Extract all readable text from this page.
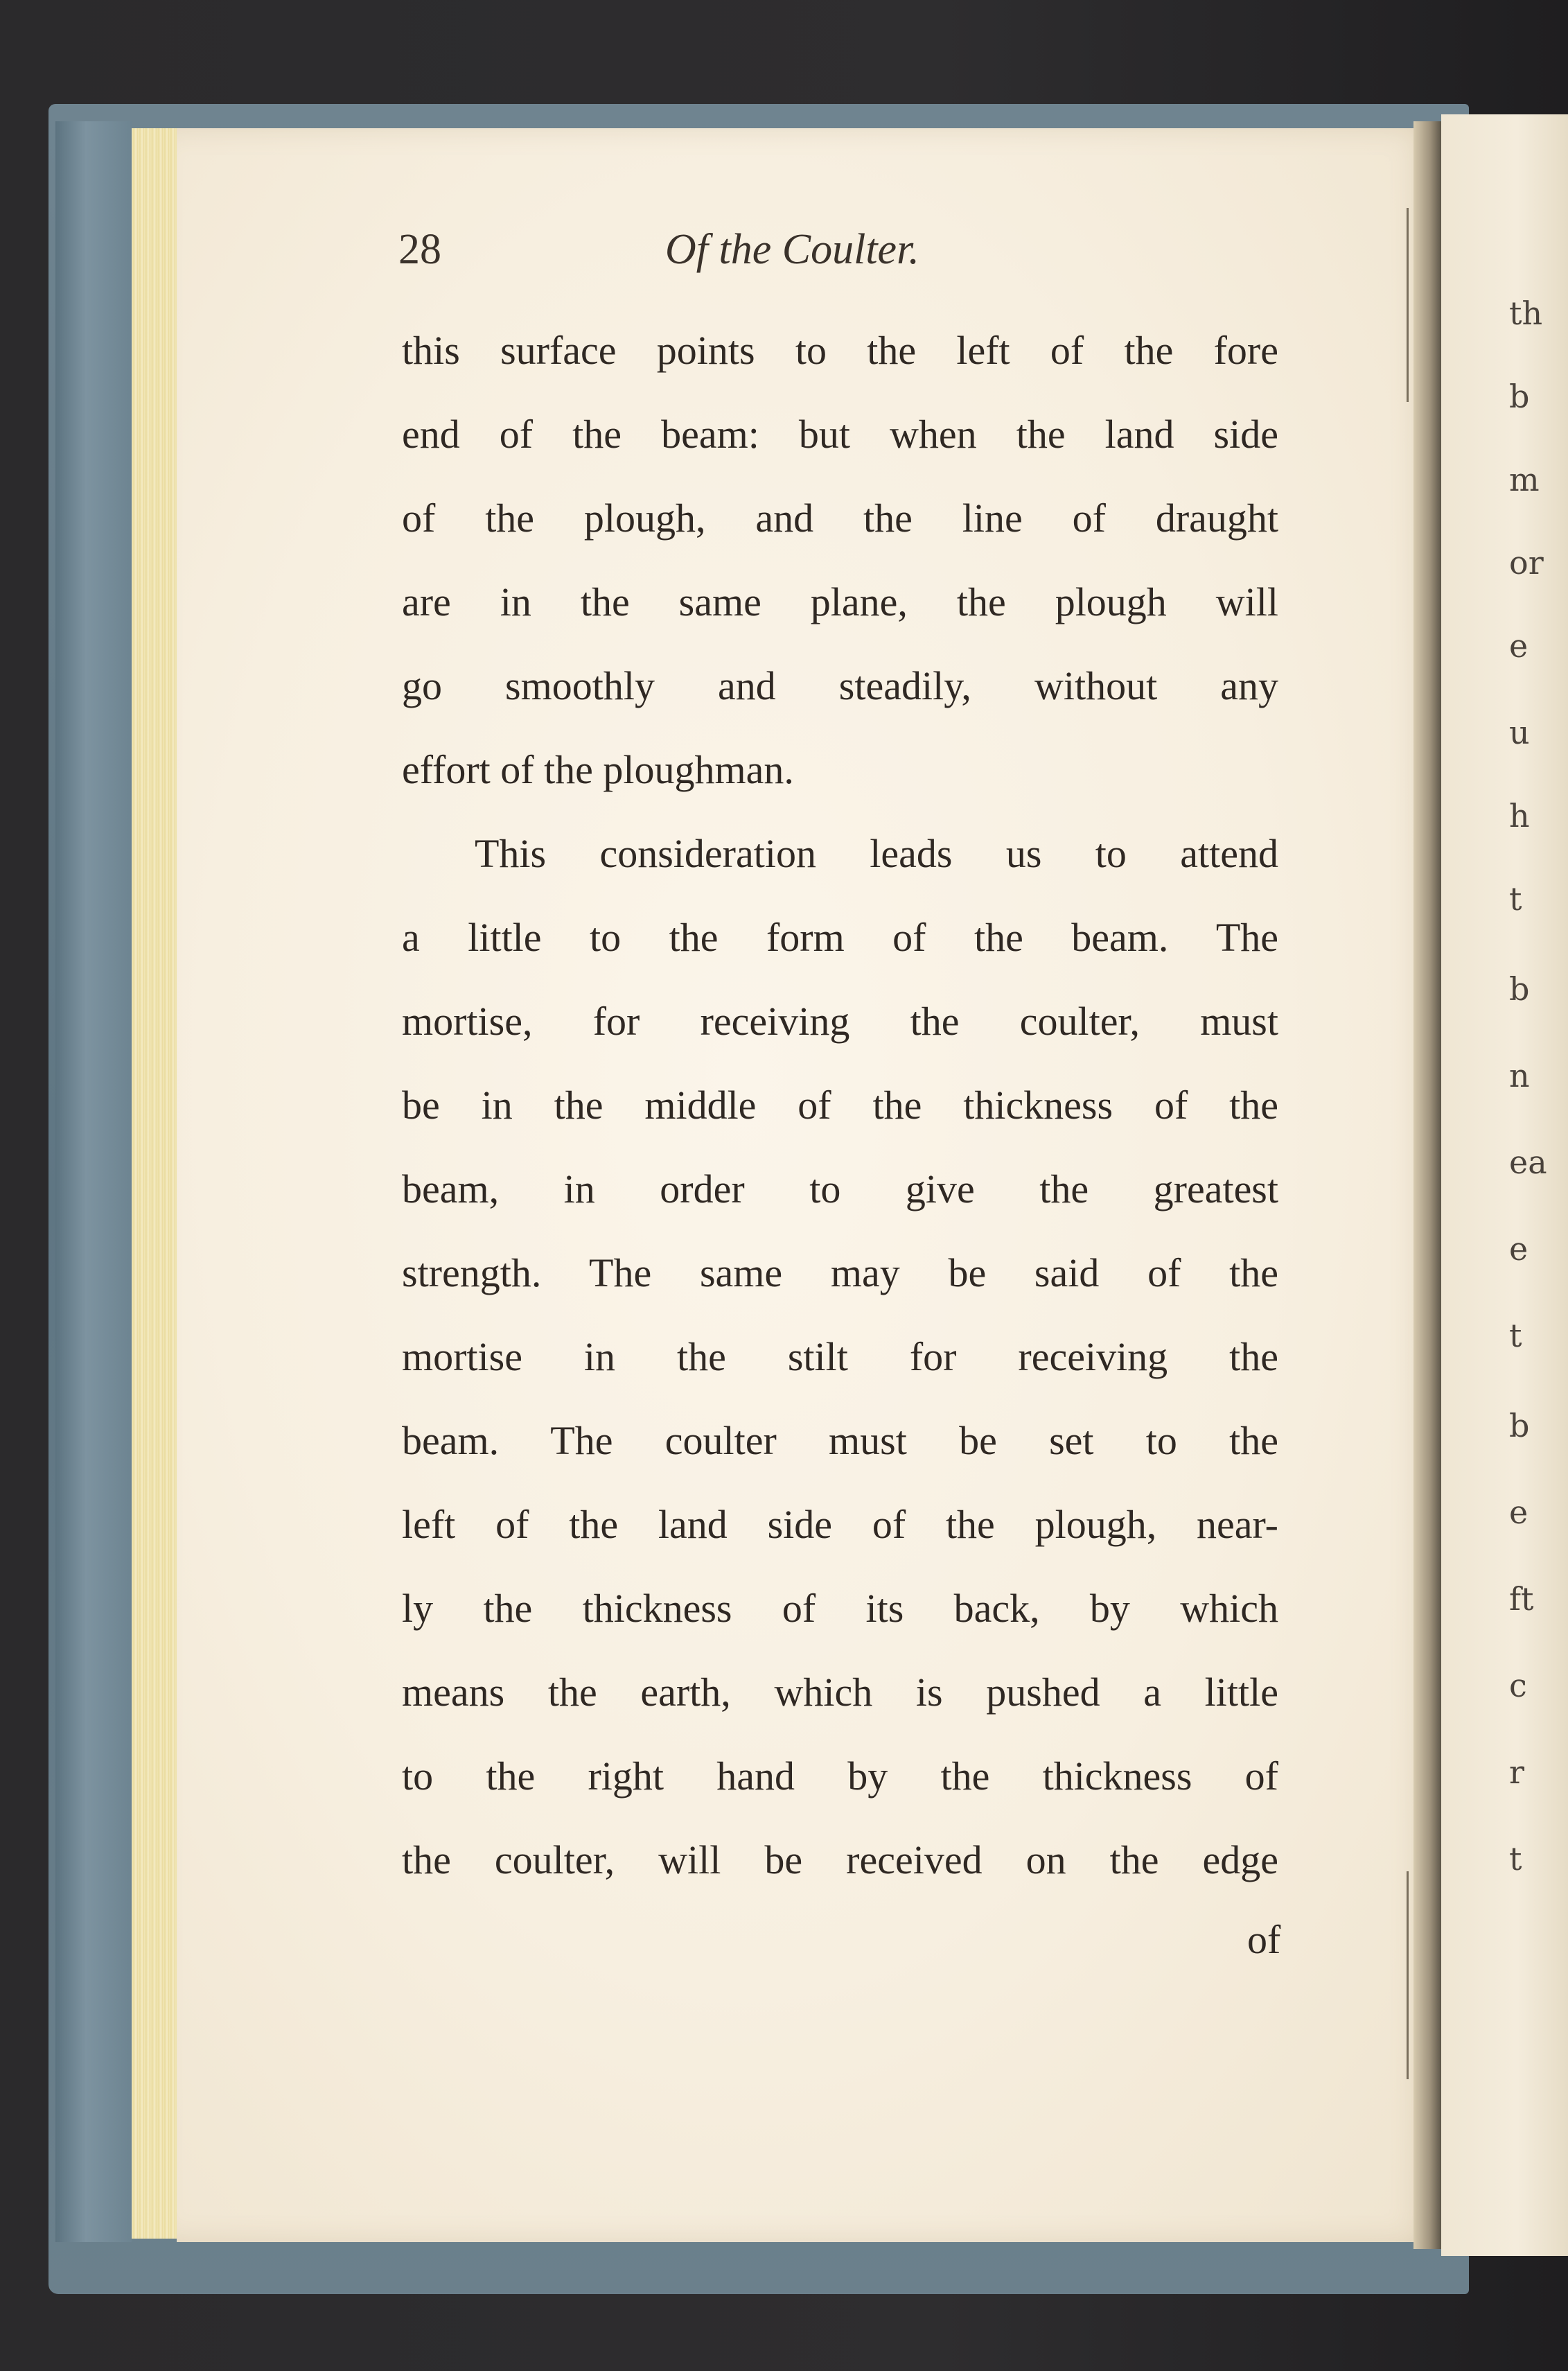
th
b
m
or
e
u
h
t
b
n
ea
e
t
b
e
ft
c
r
t
28	Of the Coulter.
this surface points to the left of the fore
end of the beam: but when the land side
of the plough, and the line of draught
are in the same plane, the plough will
go smoothly and steadily, without any
effort of the ploughman.
This consideration leads us to attend
a little to the form of the beam. The
mortise, for receiving the coulter, must
be in the middle of the thickness of the
beam, in order to give the greatest
strength. The same may be said of the
mortise in the stilt for receiving the
beam. The coulter must be set to the
left of the land side of the plough, near-
ly the thickness of its back, by which
means the earth, which is pushed a little
to the right hand by the thickness of
the coulter, will be received on the edge
of
